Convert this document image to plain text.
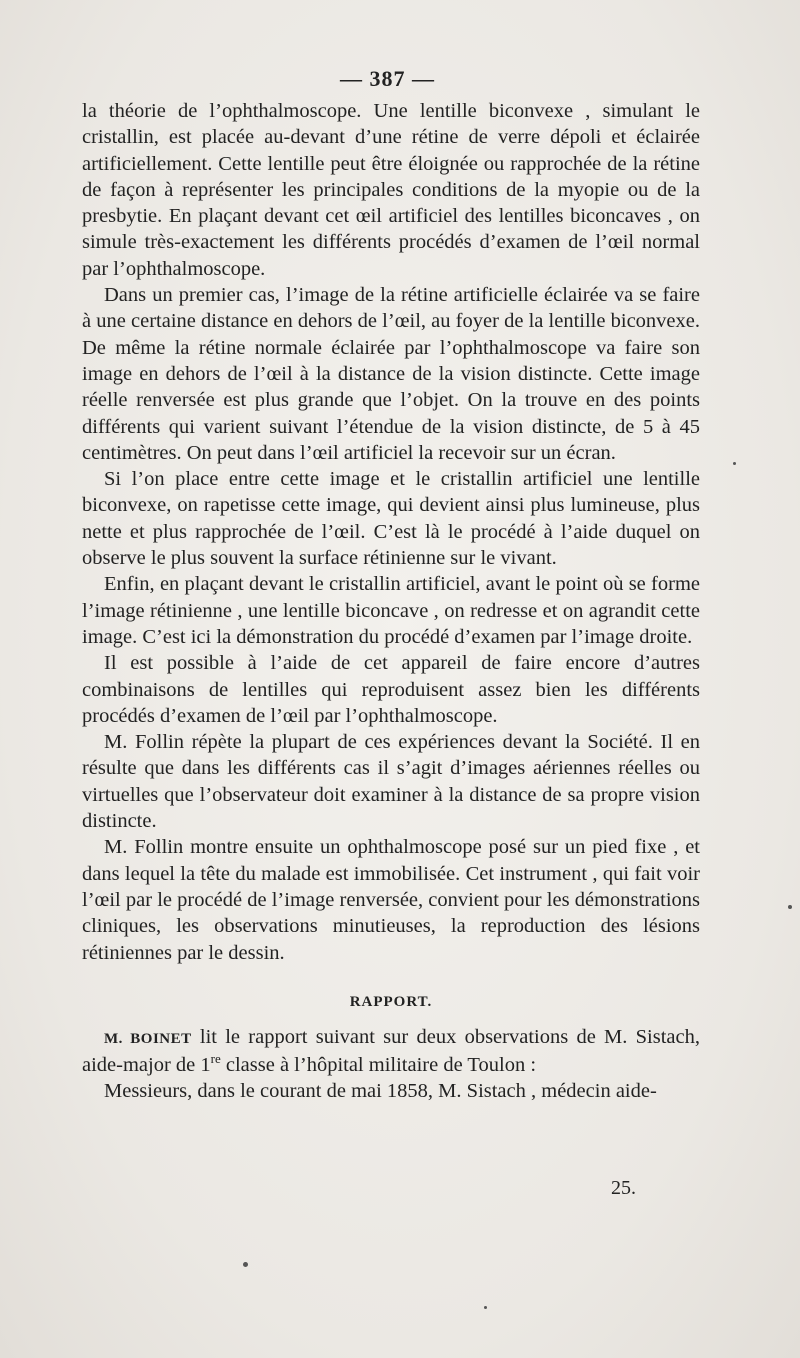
— 387 —

la théorie de l’ophthalmoscope. Une lentille biconvexe , simulant le cristallin, est placée au-devant d’une rétine de verre dépoli et éclairée artificiellement. Cette lentille peut être éloignée ou rapprochée de la rétine de façon à représenter les principales conditions de la myopie ou de la presbytie. En plaçant devant cet œil artificiel des lentilles biconcaves , on simule très-exactement les différents procédés d’examen de l’œil normal par l’ophthalmoscope.

Dans un premier cas, l’image de la rétine artificielle éclairée va se faire à une certaine distance en dehors de l’œil, au foyer de la lentille biconvexe. De même la rétine normale éclairée par l’ophthalmoscope va faire son image en dehors de l’œil à la distance de la vision distincte. Cette image réelle renversée est plus grande que l’objet. On la trouve en des points différents qui varient suivant l’étendue de la vision distincte, de 5 à 45 centimètres. On peut dans l’œil artificiel la recevoir sur un écran.

Si l’on place entre cette image et le cristallin artificiel une lentille biconvexe, on rapetisse cette image, qui devient ainsi plus lumineuse, plus nette et plus rapprochée de l’œil. C’est là le procédé à l’aide duquel on observe le plus souvent la surface rétinienne sur le vivant.

Enfin, en plaçant devant le cristallin artificiel, avant le point où se forme l’image rétinienne , une lentille biconcave , on redresse et on agrandit cette image. C’est ici la démonstration du procédé d’examen par l’image droite.

Il est possible à l’aide de cet appareil de faire encore d’autres combinaisons de lentilles qui reproduisent assez bien les différents procédés d’examen de l’œil par l’ophthalmoscope.

M. Follin répète la plupart de ces expériences devant la Société. Il en résulte que dans les différents cas il s’agit d’images aériennes réelles ou virtuelles que l’observateur doit examiner à la distance de sa propre vision distincte.

M. Follin montre ensuite un ophthalmoscope posé sur un pied fixe , et dans lequel la tête du malade est immobilisée. Cet instrument , qui fait voir l’œil par le procédé de l’image renversée, convient pour les démonstrations cliniques, les observations minutieuses, la reproduction des lésions rétiniennes par le dessin.

RAPPORT.

M. BOINET lit le rapport suivant sur deux observations de M. Sistach, aide-major de 1re classe à l’hôpital militaire de Toulon :

Messieurs, dans le courant de mai 1858, M. Sistach , médecin aide-

25.
